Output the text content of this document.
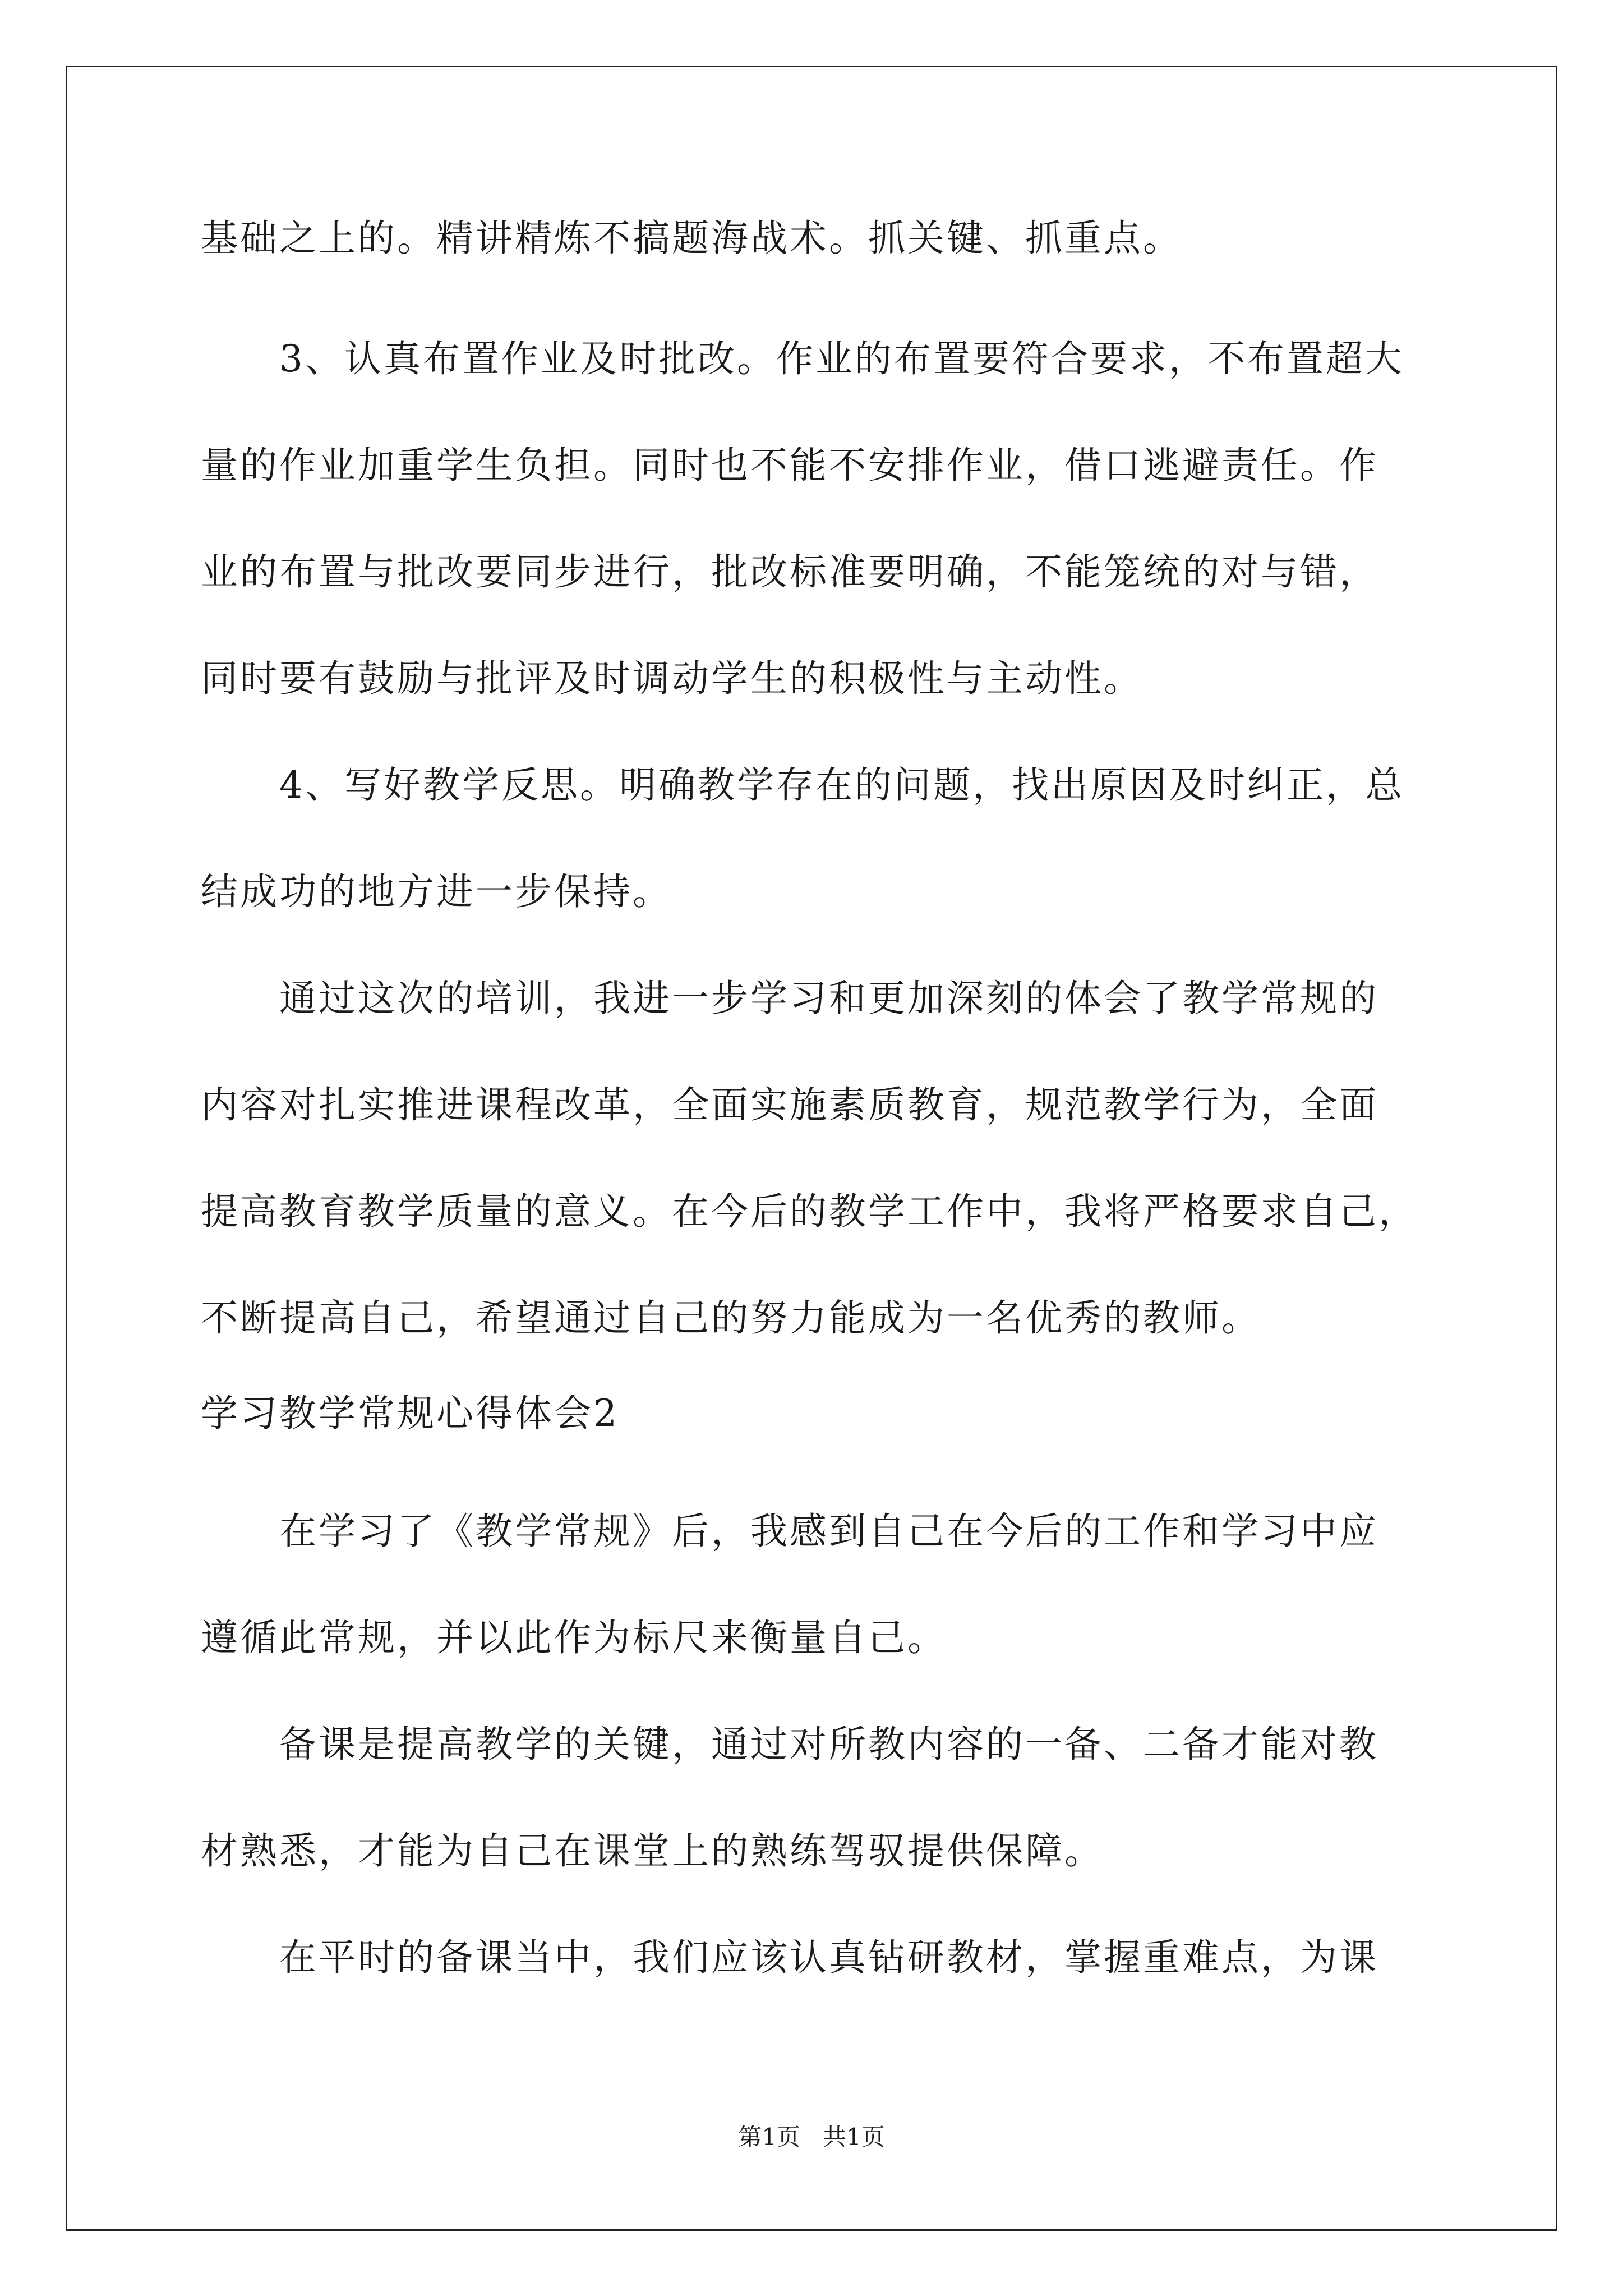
基础之上的。精讲精炼不搞题海战术。抓关键、抓重点。
3、认真布置作业及时批改。作业的布置要符合要求，不布置超大
量的作业加重学生负担。同时也不能不安排作业，借口逃避责任。作
业的布置与批改要同步进行，批改标准要明确，不能笼统的对与错，
同时要有鼓励与批评及时调动学生的积极性与主动性。
4、写好教学反思。明确教学存在的问题，找出原因及时纠正，总
结成功的地方进一步保持。
通过这次的培训，我进一步学习和更加深刻的体会了教学常规的
内容对扎实推进课程改革，全面实施素质教育，规范教学行为，全面
提高教育教学质量的意义。在今后的教学工作中，我将严格要求自己，
不断提高自己，希望通过自己的努力能成为一名优秀的教师。
学习教学常规心得体会2
在学习了《教学常规》后，我感到自己在今后的工作和学习中应
遵循此常规，并以此作为标尺来衡量自己。
备课是提高教学的关键，通过对所教内容的一备、二备才能对教
材熟悉，才能为自己在课堂上的熟练驾驭提供保障。
在平时的备课当中，我们应该认真钻研教材，掌握重难点，为课
第1页   共1页
